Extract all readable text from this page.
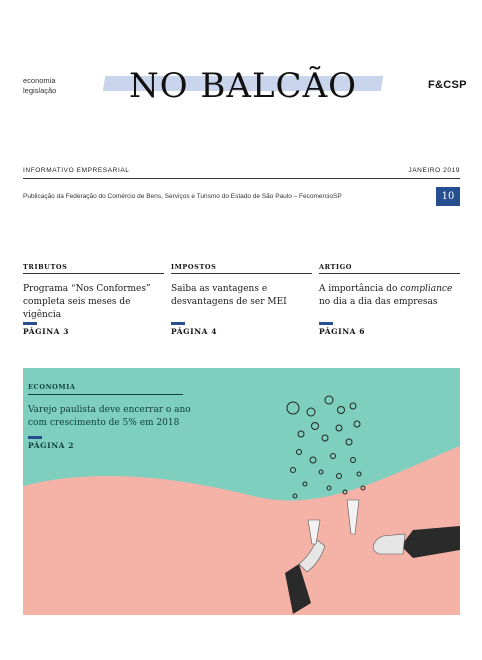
economia
legislação	NO BALCÃO	F&CSP
INFORMATIVO EMPRESARIAL	JANEIRO 2019
Publicação da Federação do Comércio de Bens, Serviços e Turismo do Estado de São Paulo – FecomercioSP	10
TRIBUTOS
Programa “Nos Conformes” completa seis meses de vigência
PÁGINA 3
IMPOSTOS
Saiba as vantagens e desvantagens de ser MEI
PÁGINA 4
ARTIGO
A importância do compliance no dia a dia das empresas
PÁGINA 6
ECONOMIA
Varejo paulista deve encerrar o ano com crescimento de 5% em 2018
PÁGINA 2
